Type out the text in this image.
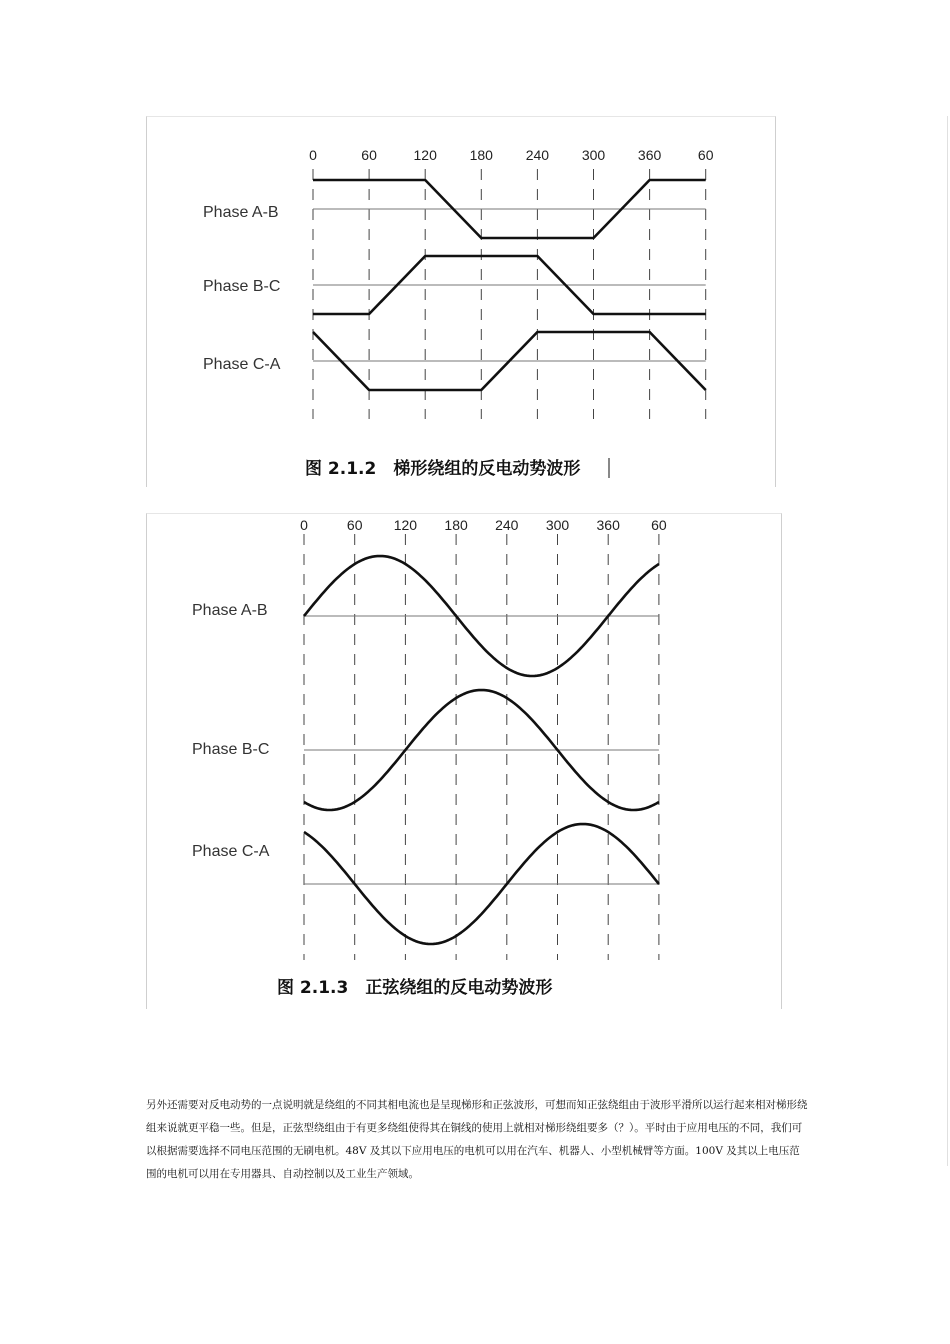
0	60	120 180 240 300 360	60
Phase A-B
Phase B-C
Phase C-A
图 2.1.2　梯形绕组的反电动势波形
0	60 120 180 240 300 360 60
Phase A-B
Phase B-C
Phase C-A
图 2.1.3　正弦绕组的反电动势波形

另外还需要对反电动势的一点说明就是绕组的不同其相电流也是呈现梯形和正弦波形，可想而知正弦绕组由于波形平滑所以运行起来相对梯形绕组来说就更平稳一些。但是，正弦型绕组由于有更多绕组使得其在铜线的使用上就相对梯形绕组要多（？）。平时由于应用电压的不同，我们可以根据需要选择不同电压范围的无刷电机。48V 及其以下应用电压的电机可以用在汽车、机器人、小型机械臂等方面。100V 及其以上电压范围的电机可以用在专用器具、自动控制以及工业生产领域。
